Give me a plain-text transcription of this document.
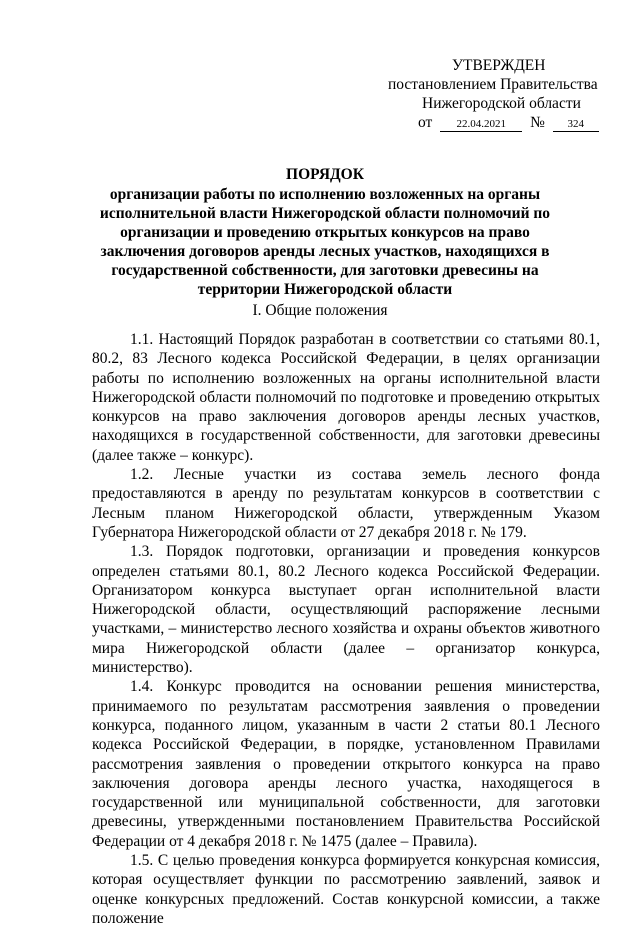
УТВЕРЖДЕН
постановлением Правительства
Нижегородской области
от 22.04.2021 № 324
ПОРЯДОК
организации работы по исполнению возложенных на органы исполнительной власти Нижегородской области полномочий по организации и проведению открытых конкурсов на право заключения договоров аренды лесных участков, находящихся в государственной собственности, для заготовки древесины на территории Нижегородской области
I. Общие положения

1.1. Настоящий Порядок разработан в соответствии со статьями 80.1, 80.2, 83 Лесного кодекса Российской Федерации, в целях организации работы по исполнению возложенных на органы исполнительной власти Нижегородской области полномочий по подготовке и проведению открытых конкурсов на право заключения договоров аренды лесных участков, находящихся в государственной собственности, для заготовки древесины (далее также – конкурс).

1.2. Лесные участки из состава земель лесного фонда предоставляются в аренду по результатам конкурсов в соответствии с Лесным планом Нижегородской области, утвержденным Указом Губернатора Нижегородской области от 27 декабря 2018 г. № 179.

1.3. Порядок подготовки, организации и проведения конкурсов определен статьями 80.1, 80.2 Лесного кодекса Российской Федерации. Организатором конкурса выступает орган исполнительной власти Нижегородской области, осуществляющий распоряжение лесными участками, – министерство лесного хозяйства и охраны объектов животного мира Нижегородской области (далее – организатор конкурса, министерство).

1.4. Конкурс проводится на основании решения министерства, принимаемого по результатам рассмотрения заявления о проведении конкурса, поданного лицом, указанным в части 2 статьи 80.1 Лесного кодекса Российской Федерации, в порядке, установленном Правилами рассмотрения заявления о проведении открытого конкурса на право заключения договора аренды лесного участка, находящегося в государственной или муниципальной собственности, для заготовки древесины, утвержденными постановлением Правительства Российской Федерации от 4 декабря 2018 г. № 1475 (далее – Правила).

1.5. С целью проведения конкурса формируется конкурсная комиссия, которая осуществляет функции по рассмотрению заявлений, заявок и оценке конкурсных предложений. Состав конкурсной комиссии, а также положение
